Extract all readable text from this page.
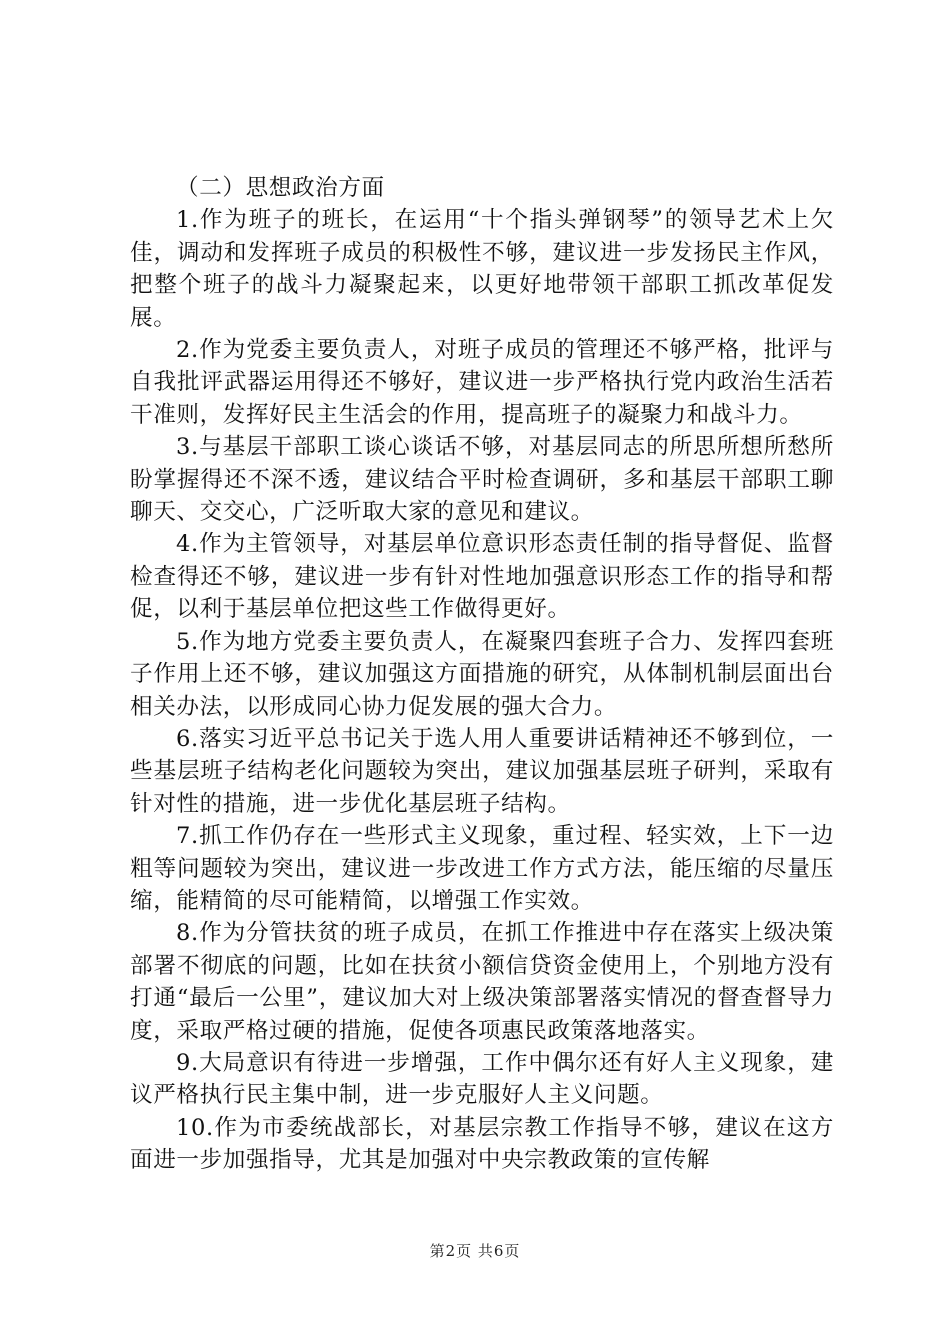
（二）思想政治方面

1.作为班子的班长，在运用“十个指头弹钢琴”的领导艺术上欠佳，调动和发挥班子成员的积极性不够，建议进一步发扬民主作风，把整个班子的战斗力凝聚起来，以更好地带领干部职工抓改革促发展。

2.作为党委主要负责人，对班子成员的管理还不够严格，批评与自我批评武器运用得还不够好，建议进一步严格执行党内政治生活若干准则，发挥好民主生活会的作用，提高班子的凝聚力和战斗力。

3.与基层干部职工谈心谈话不够，对基层同志的所思所想所愁所盼掌握得还不深不透，建议结合平时检查调研，多和基层干部职工聊聊天、交交心，广泛听取大家的意见和建议。

4.作为主管领导，对基层单位意识形态责任制的指导督促、监督检查得还不够，建议进一步有针对性地加强意识形态工作的指导和帮促，以利于基层单位把这些工作做得更好。

5.作为地方党委主要负责人，在凝聚四套班子合力、发挥四套班子作用上还不够，建议加强这方面措施的研究，从体制机制层面出台相关办法，以形成同心协力促发展的强大合力。

6.落实习近平总书记关于选人用人重要讲话精神还不够到位，一些基层班子结构老化问题较为突出，建议加强基层班子研判，采取有针对性的措施，进一步优化基层班子结构。

7.抓工作仍存在一些形式主义现象，重过程、轻实效，上下一边粗等问题较为突出，建议进一步改进工作方式方法，能压缩的尽量压缩，能精简的尽可能精简，以增强工作实效。

8.作为分管扶贫的班子成员，在抓工作推进中存在落实上级决策部署不彻底的问题，比如在扶贫小额信贷资金使用上，个别地方没有打通“最后一公里”，建议加大对上级决策部署落实情况的督查督导力度，采取严格过硬的措施，促使各项惠民政策落地落实。

9.大局意识有待进一步增强，工作中偶尔还有好人主义现象，建议严格执行民主集中制，进一步克服好人主义问题。

10.作为市委统战部长，对基层宗教工作指导不够，建议在这方面进一步加强指导，尤其是加强对中央宗教政策的宣传解

第2页 共6页
